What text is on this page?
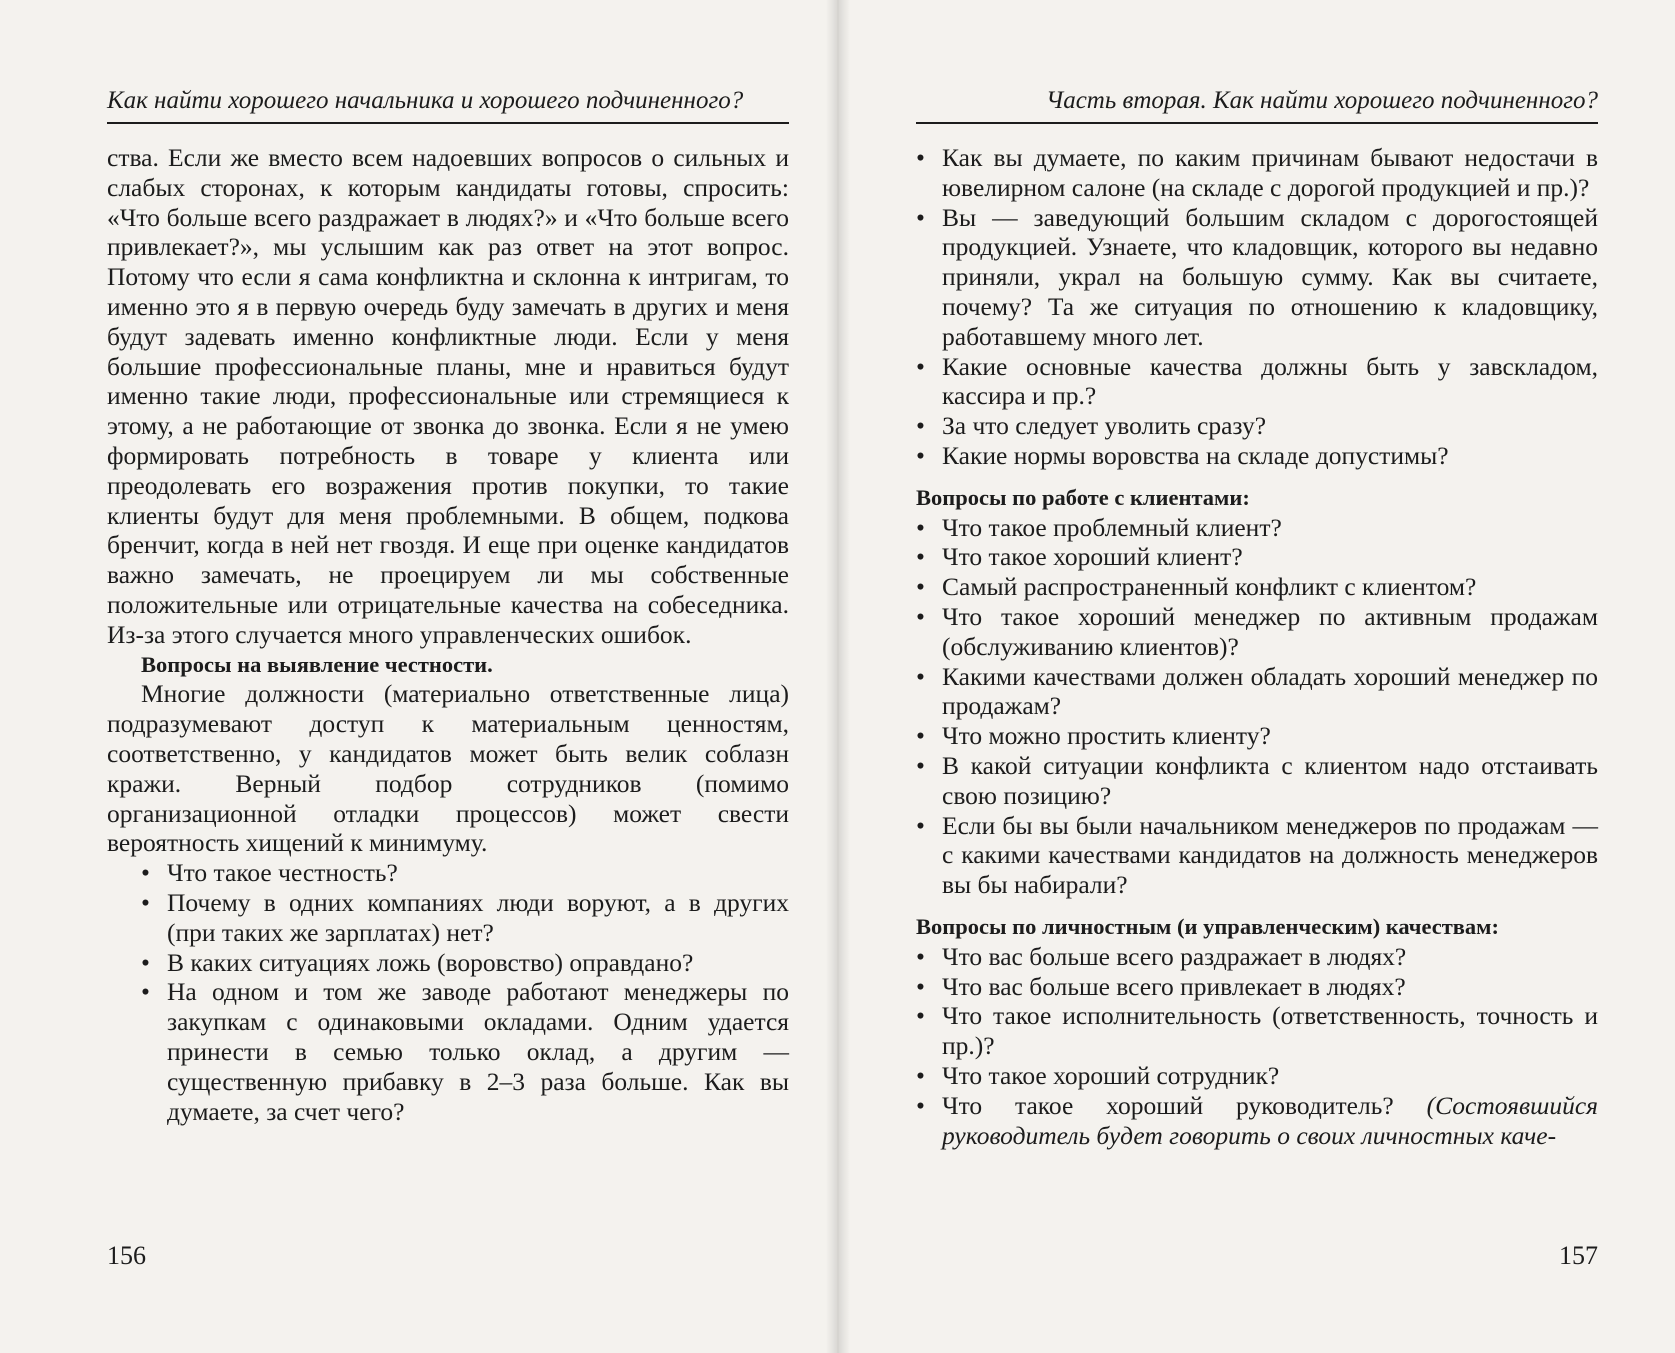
Как найти хорошего начальника и хорошего подчиненного?

ства. Если же вместо всем надоевших вопросов о сильных и слабых сторонах, к которым кандидаты готовы, спросить: «Что больше всего раздражает в людях?» и «Что больше всего привлекает?», мы услышим как раз ответ на этот вопрос. Потому что если я сама конфликтна и склонна к интригам, то именно это я в первую очередь буду замечать в других и меня будут задевать именно конфликтные люди. Если у меня большие профессиональные планы, мне и нравиться будут именно такие люди, профессиональные или стремящиеся к этому, а не работающие от звонка до звонка. Если я не умею формировать потребность в товаре у клиента или преодолевать его возражения против покупки, то такие клиенты будут для меня проблемными. В общем, подкова бренчит, когда в ней нет гвоздя. И еще при оценке кандидатов важно замечать, не проецируем ли мы собственные положительные или отрицательные качества на собеседника. Из-за этого случается много управленческих ошибок.

Вопросы на выявление честности.

Многие должности (материально ответственные лица) подразумевают доступ к материальным ценностям, соответственно, у кандидатов может быть велик соблазн кражи. Верный подбор сотрудников (помимо организационной отладки процессов) может свести вероятность хищений к минимуму.

• Что такое честность?
• Почему в одних компаниях люди воруют, а в других (при таких же зарплатах) нет?
• В каких ситуациях ложь (воровство) оправдано?
• На одном и том же заводе работают менеджеры по закупкам с одинаковыми окладами. Одним удается принести в семью только оклад, а другим — существенную прибавку в 2–3 раза больше. Как вы думаете, за счет чего?
156
Часть вторая. Как найти хорошего подчиненного?
• Как вы думаете, по каким причинам бывают недостачи в ювелирном салоне (на складе с дорогой продукцией и пр.)?
• Вы — заведующий большим складом с дорогостоящей продукцией. Узнаете, что кладовщик, которого вы недавно приняли, украл на большую сумму. Как вы считаете, почему? Та же ситуация по отношению к кладовщику, работавшему много лет.
• Какие основные качества должны быть у завскладом, кассира и пр.?
• За что следует уволить сразу?
• Какие нормы воровства на складе допустимы?

Вопросы по работе с клиентами:

• Что такое проблемный клиент?
• Что такое хороший клиент?
• Самый распространенный конфликт с клиентом?
• Что такое хороший менеджер по активным продажам (обслуживанию клиентов)?
• Какими качествами должен обладать хороший менеджер по продажам?
• Что можно простить клиенту?
• В какой ситуации конфликта с клиентом надо отстаивать свою позицию?
• Если бы вы были начальником менеджеров по продажам — с какими качествами кандидатов на должность менеджеров вы бы набирали?

Вопросы по личностным (и управленческим) качествам:

• Что вас больше всего раздражает в людях?
• Что вас больше всего привлекает в людях?
• Что такое исполнительность (ответственность, точность и пр.)?
• Что такое хороший сотрудник?
• Что такое хороший руководитель? (Состоявшийся руководитель будет говорить о своих личностных каче-
157
